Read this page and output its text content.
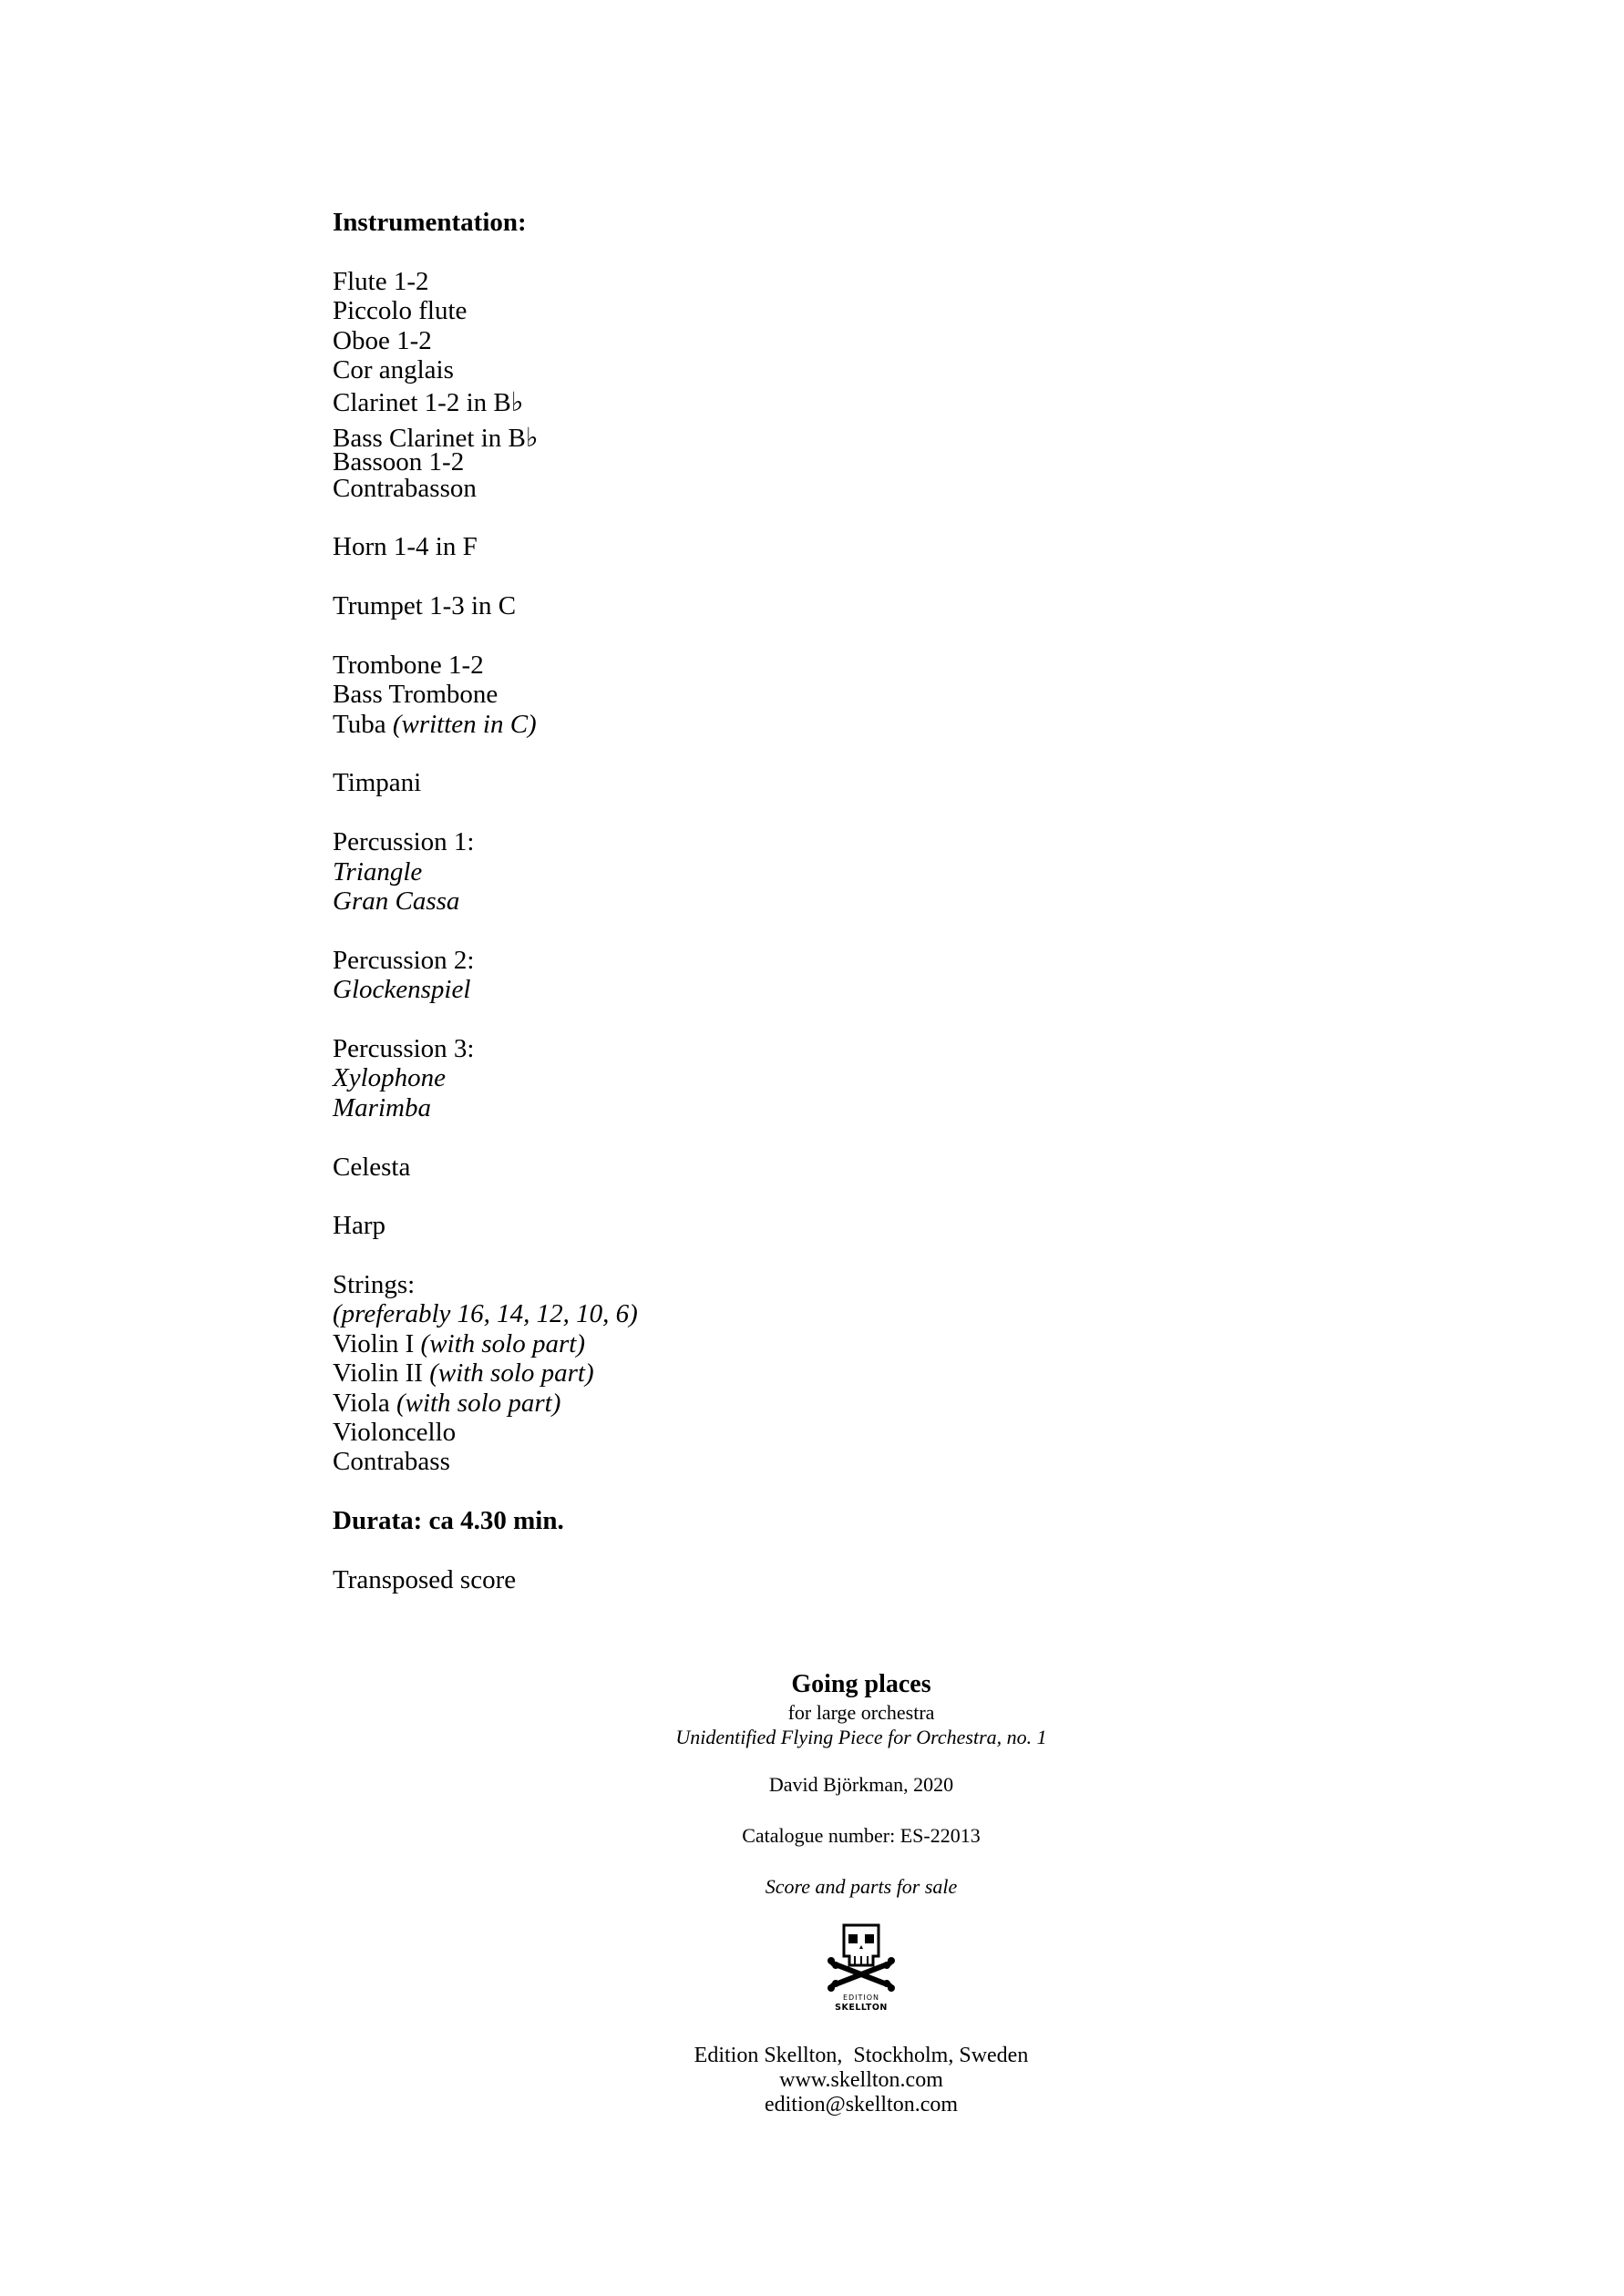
Instrumentation:
Flute 1-2
Piccolo flute
Oboe 1-2
Cor anglais
Clarinet 1-2 in B♭
Bass Clarinet in B♭
Bassoon 1-2
Contrabasson
Horn 1-4 in F
Trumpet 1-3 in C
Trombone 1-2
Bass Trombone
Tuba (written in C)
Timpani
Percussion 1:
Triangle
Gran Cassa
Percussion 2:
Glockenspiel
Percussion 3:
Xylophone
Marimba
Celesta
Harp
Strings:
(preferably 16, 14, 12, 10, 6)
Violin I (with solo part)
Violin II (with solo part)
Viola (with solo part)
Violoncello
Contrabass
Durata: ca 4.30 min.
Transposed score
Going places
for large orchestra
Unidentified Flying Piece for Orchestra, no. 1
David Björkman, 2020
Catalogue number: ES-22013
Score and parts for sale
EDITION
SKELLTON
Edition Skellton,  Stockholm, Sweden
www.skellton.com
edition@skellton.com
